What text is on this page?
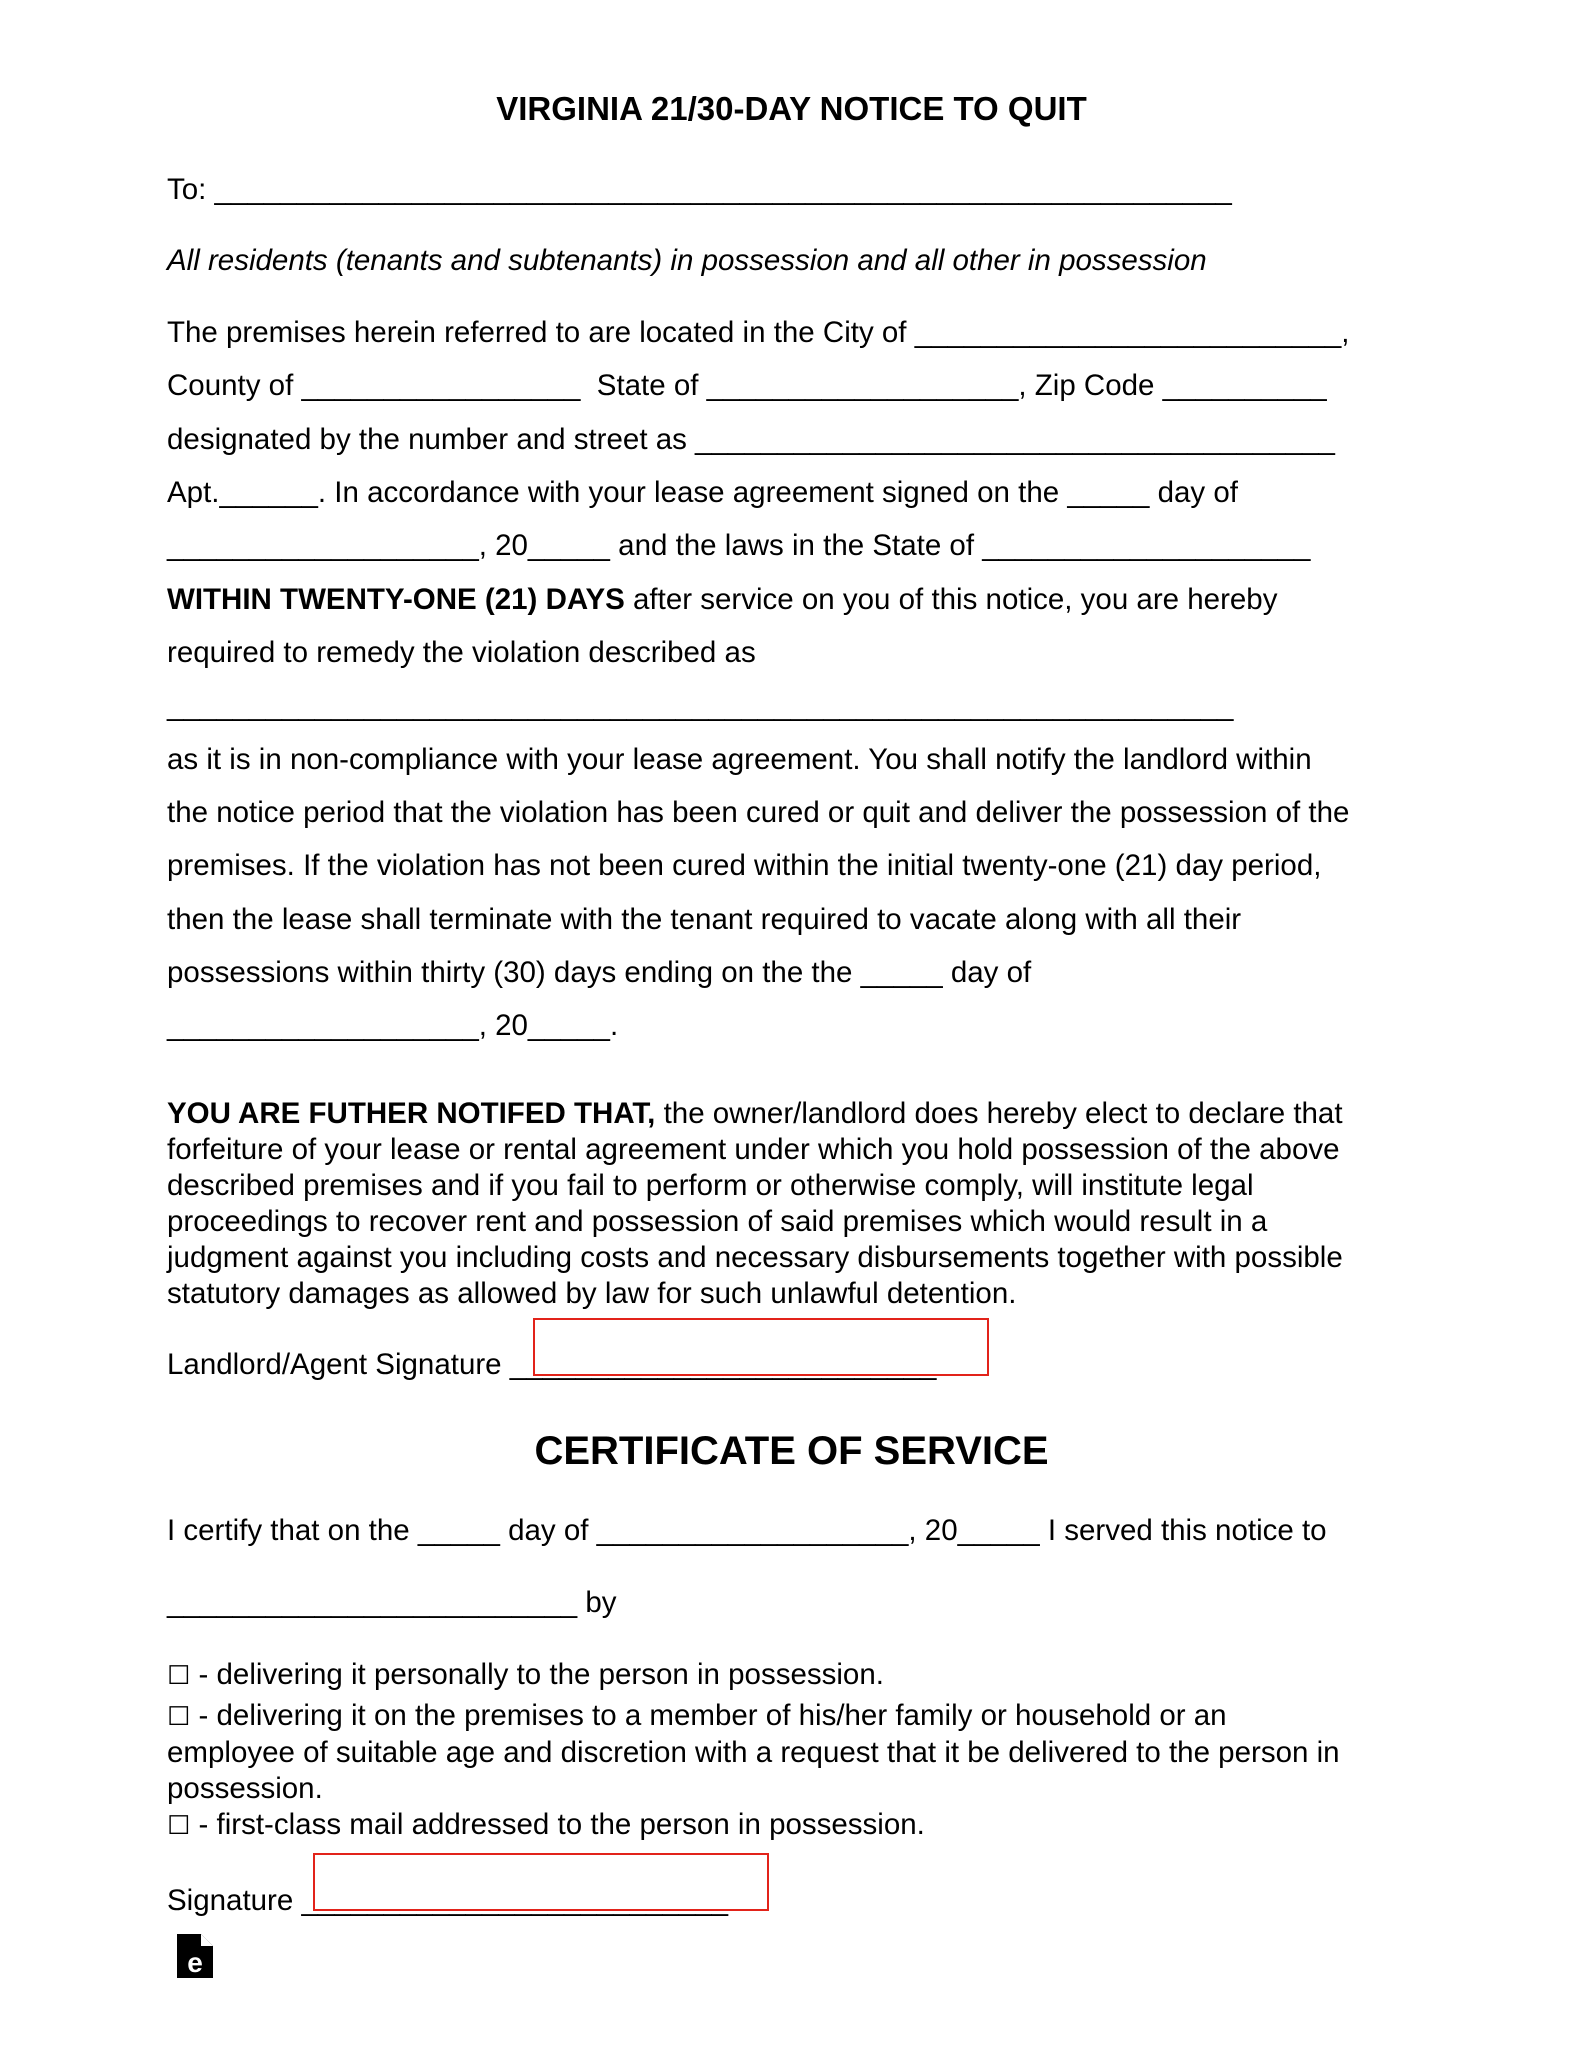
VIRGINIA 21/30-DAY NOTICE TO QUIT
To: ______________________________________________________________
All residents (tenants and subtenants) in possession and all other in possession
The premises herein referred to are located in the City of __________________________,
County of _________________  State of ___________________, Zip Code __________
designated by the number and street as _______________________________________
Apt.______. In accordance with your lease agreement signed on the _____ day of
___________________, 20_____ and the laws in the State of ____________________
WITHIN TWENTY-ONE (21) DAYS after service on you of this notice, you are hereby
required to remedy the violation described as
_________________________________________________________________
as it is in non-compliance with your lease agreement. You shall notify the landlord within
the notice period that the violation has been cured or quit and deliver the possession of the
premises. If the violation has not been cured within the initial twenty-one (21) day period,
then the lease shall terminate with the tenant required to vacate along with all their
possessions within thirty (30) days ending on the the _____ day of
___________________, 20_____.
YOU ARE FUTHER NOTIFED THAT, the owner/landlord does hereby elect to declare that
forfeiture of your lease or rental agreement under which you hold possession of the above
described premises and if you fail to perform or otherwise comply, will institute legal
proceedings to recover rent and possession of said premises which would result in a
judgment against you including costs and necessary disbursements together with possible
statutory damages as allowed by law for such unlawful detention.
Landlord/Agent Signature __________________________
CERTIFICATE OF SERVICE
I certify that on the _____ day of ___________________, 20_____ I served this notice to
_________________________ by
☐ - delivering it personally to the person in possession.
☐ - delivering it on the premises to a member of his/her family or household or an
employee of suitable age and discretion with a request that it be delivered to the person in
possession.
☐ - first-class mail addressed to the person in possession.
Signature __________________________
e
